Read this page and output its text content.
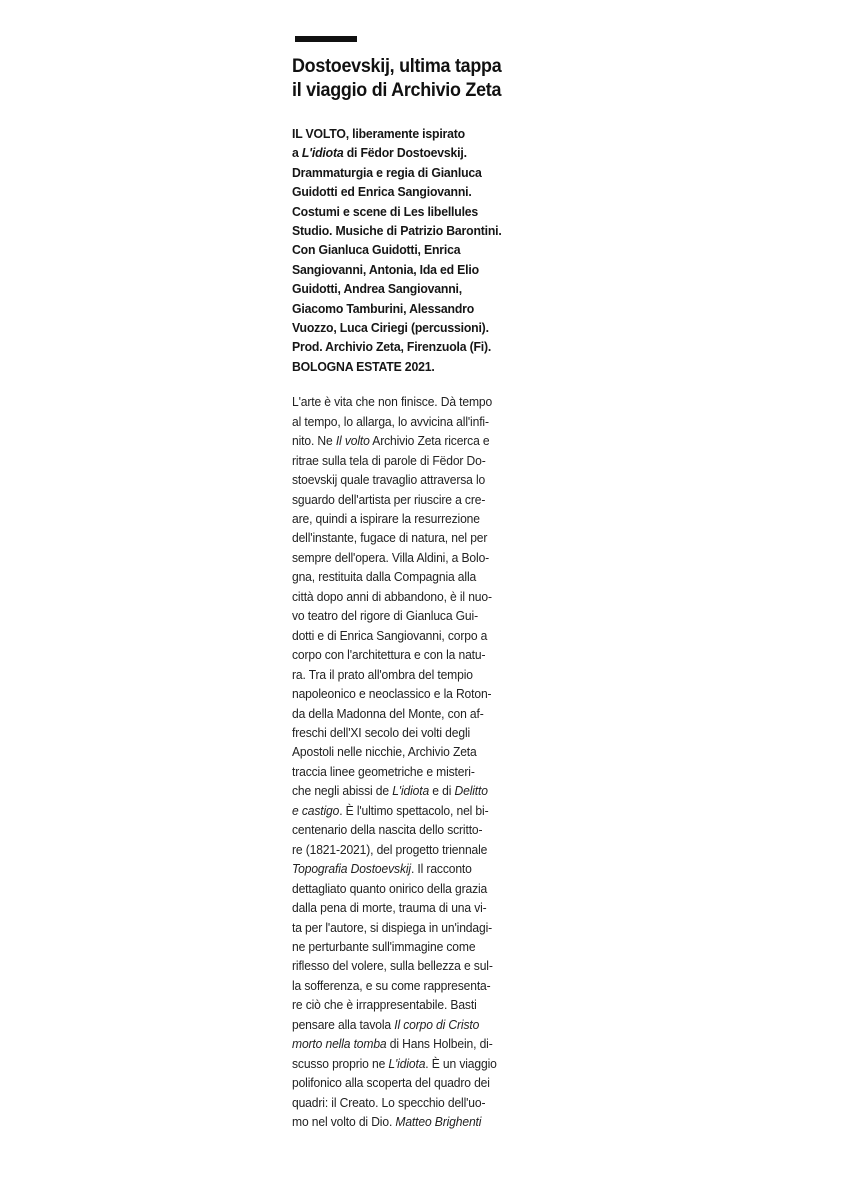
Dostoevskij, ultima tappa
il viaggio di Archivio Zeta
IL VOLTO, liberamente ispirato
a L'idiota di Fëdor Dostoevskij.
Drammaturgia e regia di Gianluca
Guidotti ed Enrica Sangiovanni.
Costumi e scene di Les libellules
Studio. Musiche di Patrizio Barontini.
Con Gianluca Guidotti, Enrica
Sangiovanni, Antonia, Ida ed Elio
Guidotti, Andrea Sangiovanni,
Giacomo Tamburini, Alessandro
Vuozzo, Luca Ciriegi (percussioni).
Prod. Archivio Zeta, Firenzuola (Fi).
BOLOGNA ESTATE 2021.
L'arte è vita che non finisce. Dà tempo
al tempo, lo allarga, lo avvicina all'infi-
nito. Ne Il volto Archivio Zeta ricerca e
ritrae sulla tela di parole di Fëdor Do-
stoevskij quale travaglio attraversa lo
sguardo dell'artista per riuscire a cre-
are, quindi a ispirare la resurrezione
dell'instante, fugace di natura, nel per
sempre dell'opera. Villa Aldini, a Bolo-
gna, restituita dalla Compagnia alla
città dopo anni di abbandono, è il nuo-
vo teatro del rigore di Gianluca Gui-
dotti e di Enrica Sangiovanni, corpo a
corpo con l'architettura e con la natu-
ra. Tra il prato all'ombra del tempio
napoleonico e neoclassico e la Roton-
da della Madonna del Monte, con af-
freschi dell'XI secolo dei volti degli
Apostoli nelle nicchie, Archivio Zeta
traccia linee geometriche e misteri-
che negli abissi de L'idiota e di Delitto
e castigo. È l'ultimo spettacolo, nel bi-
centenario della nascita dello scritto-
re (1821-2021), del progetto triennale
Topografia Dostoevskij. Il racconto
dettagliato quanto onirico della grazia
dalla pena di morte, trauma di una vi-
ta per l'autore, si dispiega in un'indagi-
ne perturbante sull'immagine come
riflesso del volere, sulla bellezza e sul-
la sofferenza, e su come rappresenta-
re ciò che è irrappresentabile. Basti
pensare alla tavola Il corpo di Cristo
morto nella tomba di Hans Holbein, di-
scusso proprio ne L'idiota. È un viaggio
polifonico alla scoperta del quadro dei
quadri: il Creato. Lo specchio dell'uo-
mo nel volto di Dio. Matteo Brighenti
